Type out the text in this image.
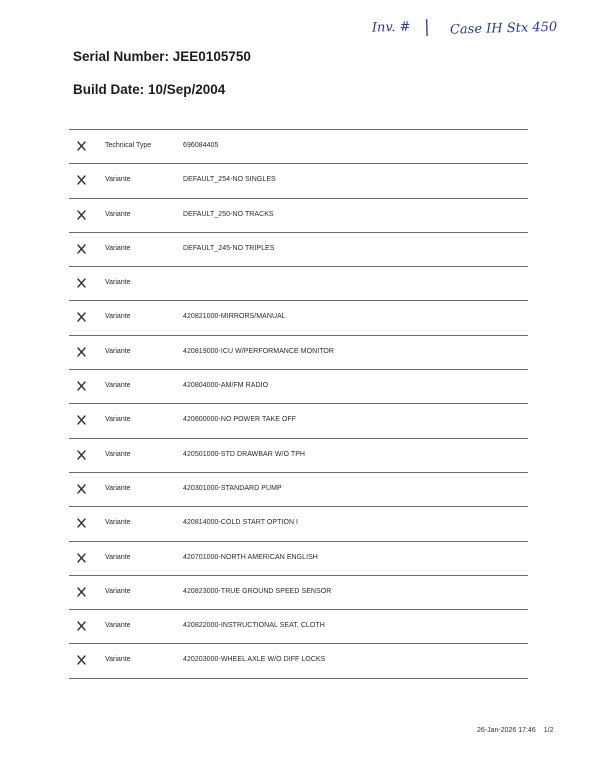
Inv. # | Case IH Stx 450
Serial Number: JEE0105750
Build Date: 10/Sep/2004
Technical Type	696084405
Variante	DEFAULT_254-NO SINGLES
Variante	DEFAULT_250-NO TRACKS
Variante	DEFAULT_245-NO TRIPLES
Variante
Variante	420821000-MIRRORS/MANUAL
Variante	420819000-ICU W/PERFORMANCE MONITOR
Variante	420804000-AM/FM RADIO
Variante	420600000-NO POWER TAKE OFF
Variante	420501000-STD DRAWBAR W/O TPH
Variante	420301000-STANDARD PUMP
Variante	420814000-COLD START OPTION I
Variante	420701000-NORTH AMERICAN ENGLISH
Variante	420823000-TRUE GROUND SPEED SENSOR
Variante	420822000-INSTRUCTIONAL SEAT, CLOTH
Variante	420203000-WHEEL AXLE W/O DIFF LOCKS
26-Jan-2026 17:46 1/2
